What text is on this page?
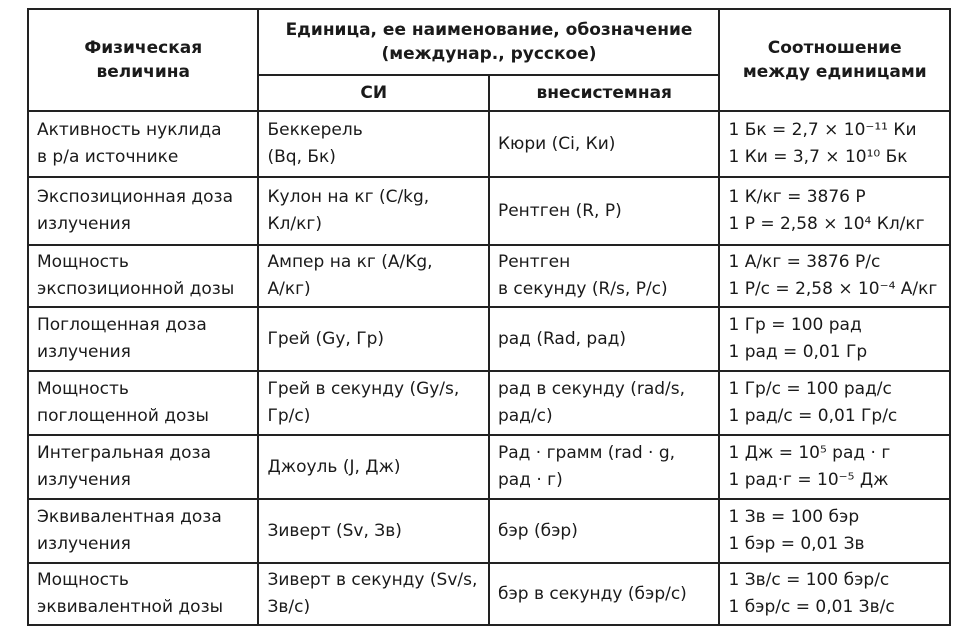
Физическая
величина	Единица, ее наименование, обозначение
(междунар., русское)		Соотношение
между единицами

	СИ	внесистемная	

Активность нуклида
в р/а источнике	Беккерель
(Bq, Бк)	Кюри (Ci, Ки)	1 Бк = 2,7 × 10⁻¹¹ Ки
1 Ки = 3,7 × 10¹⁰ Бк

Экспозиционная доза
излучения	Кулон на кг (C/kg,
Кл/кг)	Рентген (R, Р)	1 К/кг = 3876 Р
1 Р = 2,58 × 10⁴ Кл/кг

Мощность
экспозиционной дозы	Ампер на кг (A/Kg,
А/кг)	Рентген
в секунду (R/s, Р/с)	1 А/кг = 3876 Р/с
1 Р/с = 2,58 × 10⁻⁴ А/кг

Поглощенная доза
излучения	Грей (Gy, Гр)	рад (Rad, рад)	1 Гр = 100 рад
1 рад = 0,01 Гр

Мощность
поглощенной дозы	Грей в секунду (Gy/s,
Гр/с)	рад в секунду (rad/s,
рад/с)	1 Гр/с = 100 рад/с
1 рад/с = 0,01 Гр/с

Интегральная доза
излучения	Джоуль (J, Дж)	Рад · грамм (rad · g,
рад · г)	1 Дж = 10⁵ рад · г
1 рад·г = 10⁻⁵ Дж

Эквивалентная доза
излучения	Зиверт (Sv, Зв)	бэр (бэр)	1 Зв = 100 бэр
1 бэр = 0,01 Зв

Мощность
эквивалентной дозы	Зиверт в секунду (Sv/s,
Зв/с)	бэр в секунду (бэр/с)	1 Зв/с = 100 бэр/с
1 бэр/с = 0,01 Зв/с
